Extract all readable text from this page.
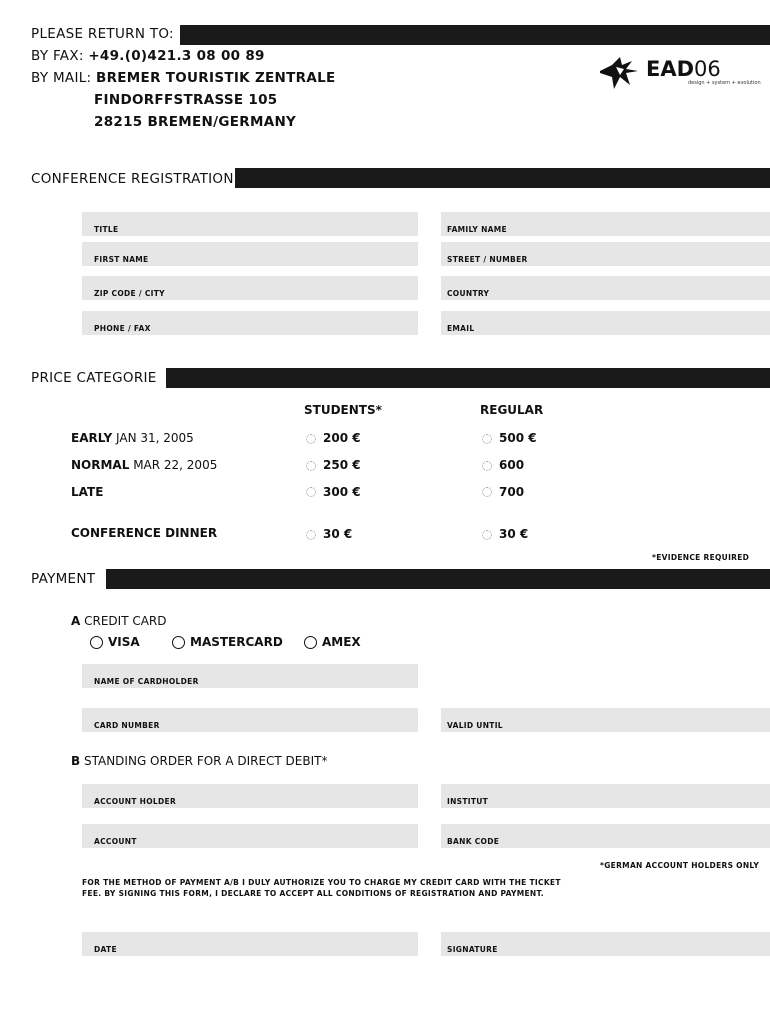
PLEASE RETURN TO:
BY FAX: +49.(0)421.3 08 00 89
BY MAIL: BREMER TOURISTIK ZENTRALE
FINDORFFSTRASSE 105
28215 BREMEN/GERMANY
EAD06
design + system + evolution
CONFERENCE REGISTRATION
TITLE	FAMILY NAME
FIRST NAME	STREET / NUMBER
ZIP CODE / CITY	COUNTRY
PHONE / FAX	EMAIL
PRICE CATEGORIE
STUDENTS*	REGULAR
EARLY JAN 31, 2005	200 €	500 €
NORMAL MAR 22, 2005	250 €	600
LATE	300 €	700
CONFERENCE DINNER	30 €	30 €
*EVIDENCE REQUIRED
PAYMENT
A CREDIT CARD
VISA	MASTERCARD	AMEX
NAME OF CARDHOLDER
CARD NUMBER	VALID UNTIL
B STANDING ORDER FOR A DIRECT DEBIT*
ACCOUNT HOLDER	INSTITUT
ACCOUNT	BANK CODE
*GERMAN ACCOUNT HOLDERS ONLY
FOR THE METHOD OF PAYMENT A/B I DULY AUTHORIZE YOU TO CHARGE MY CREDIT CARD WITH THE TICKET
FEE. BY SIGNING THIS FORM, I DECLARE TO ACCEPT ALL CONDITIONS OF REGISTRATION AND PAYMENT.
DATE	SIGNATURE
